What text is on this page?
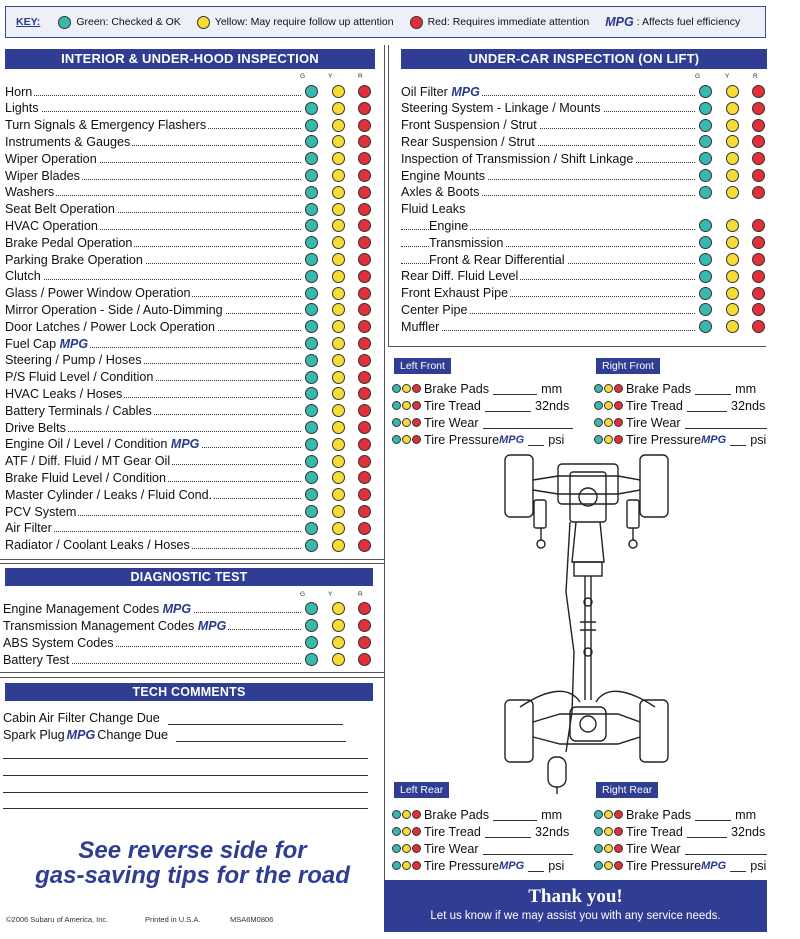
KEY:	Green: Checked & OK	Yellow: May require follow up attention	Red: Requires immediate attention MPG : Affects fuel efficiency
INTERIOR & UNDER-HOOD INSPECTION
G	Y	R
Horn
Lights
Turn Signals & Emergency Flashers
Instruments & Gauges
Wiper Operation
Wiper Blades
Washers
Seat Belt Operation
HVAC Operation
Brake Pedal Operation
Parking Brake Operation
Clutch
Glass / Power Window Operation
Mirror Operation - Side / Auto-Dimming
Door Latches / Power Lock Operation
Fuel Cap MPG
Steering / Pump / Hoses
P/S Fluid Level / Condition
HVAC Leaks / Hoses
Battery Terminals / Cables
Drive Belts
Engine Oil / Level / Condition MPG
ATF / Diff. Fluid / MT Gear Oil
Brake Fluid Level / Condition
Master Cylinder / Leaks / Fluid Cond.
PCV System
Air Filter
Radiator / Coolant Leaks / Hoses
UNDER-CAR INSPECTION (ON LIFT)
G	Y	R
Oil Filter MPG
Steering System - Linkage / Mounts
Front Suspension / Strut
Rear Suspension / Strut
Inspection of Transmission / Shift Linkage
Engine Mounts
Axles & Boots
Fluid Leaks
Engine
Transmission
Front & Rear Differential
Rear Diff. Fluid Level
Front Exhaust Pipe
Center Pipe
Muffler
DIAGNOSTIC TEST
G	Y	R
Engine Management Codes MPG
Transmission Management Codes MPG
ABS System Codes
Battery Test
TECH COMMENTS
Cabin Air Filter Change Due
Spark Plug MPG Change Due
Left Front	Right Front
Brake Pads	mm
Tire Tread	32nds
Tire Wear
Tire Pressure MPG psi
Brake Pads	mm
Tire Tread	32nds
Tire Wear
Tire Pressure MPG psi
Left Rear	Right Rear
Brake Pads	mm
Tire Tread	32nds
Tire Wear
Tire Pressure MPG psi
Brake Pads	mm
Tire Tread	32nds
Tire Wear
Tire Pressure MPG psi
See reverse side for
gas-saving tips for the road
©2006 Subaru of America, Inc.	Printed in U.S.A.	MSA6M0806
Thank you!
Let us know if we may assist you with any service needs.
